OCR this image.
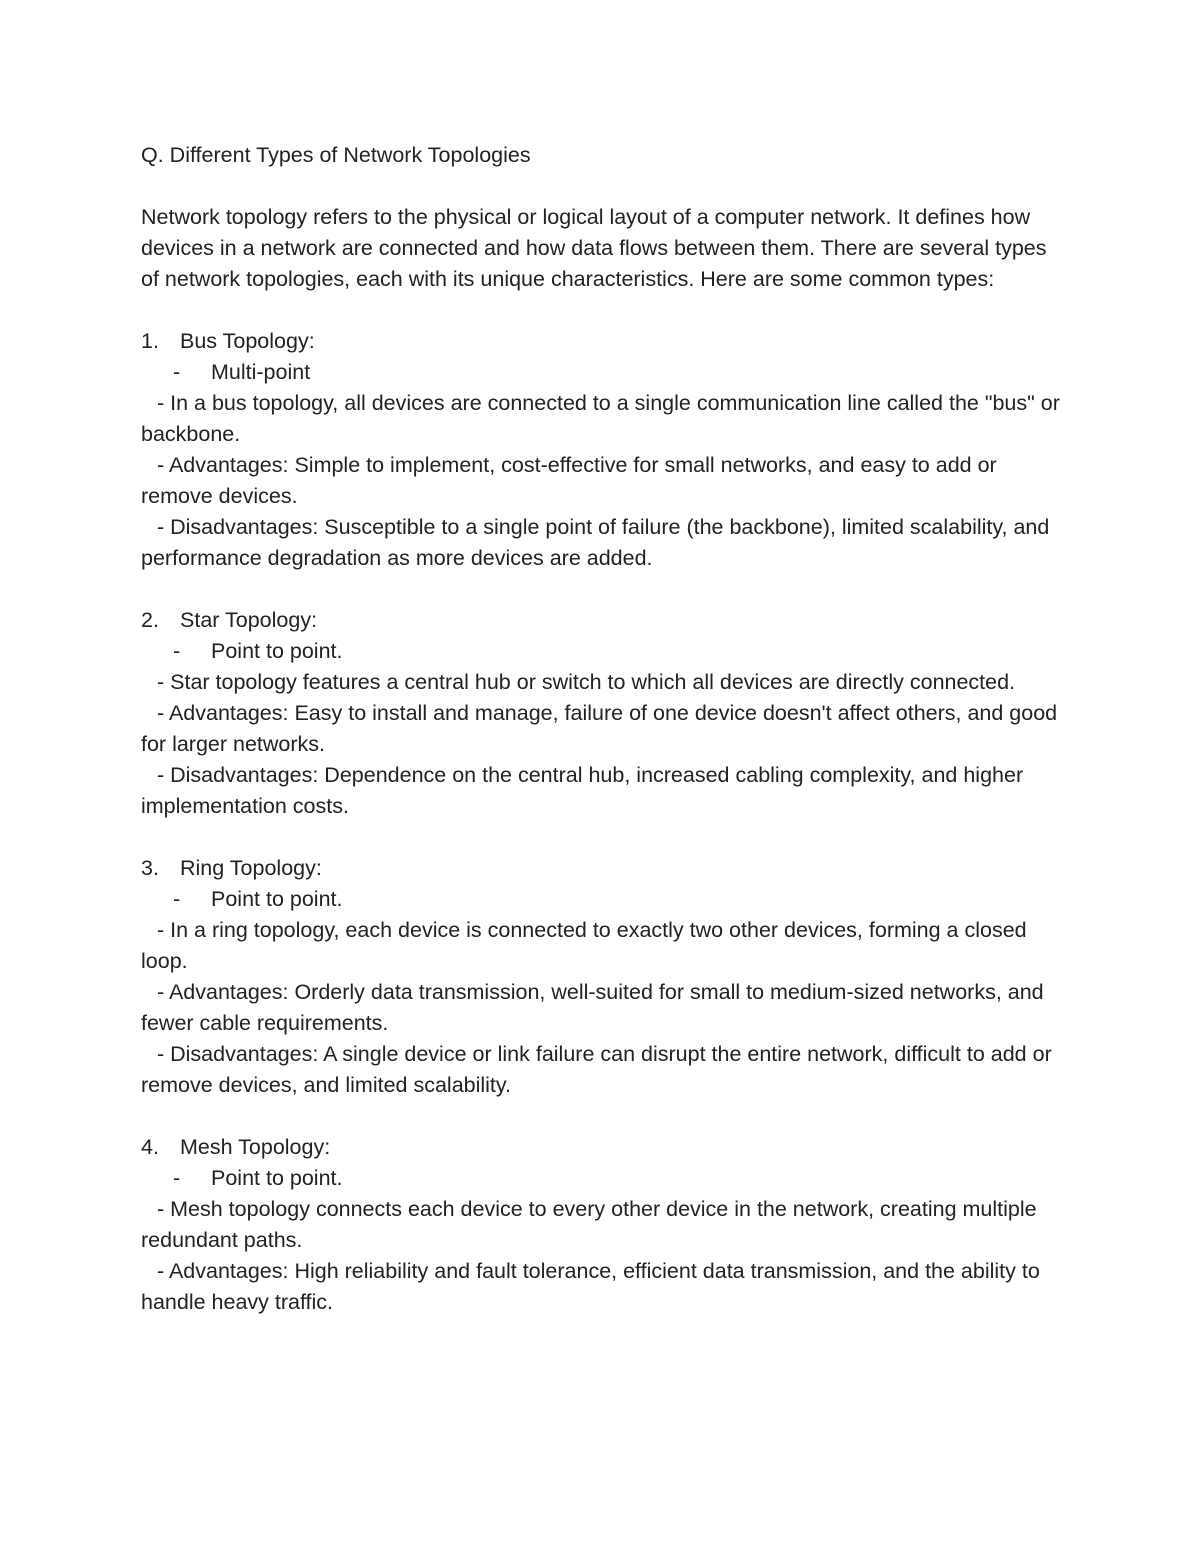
Q. Different Types of Network Topologies

Network topology refers to the physical or logical layout of a computer network. It defines how devices in a network are connected and how data flows between them. There are several types of network topologies, each with its unique characteristics. Here are some common types:

1. Bus Topology:
- Multi-point
- In a bus topology, all devices are connected to a single communication line called the "bus" or backbone.
- Advantages: Simple to implement, cost-effective for small networks, and easy to add or remove devices.
- Disadvantages: Susceptible to a single point of failure (the backbone), limited scalability, and performance degradation as more devices are added.
2. Star Topology:
- Point to point.
- Star topology features a central hub or switch to which all devices are directly connected.
- Advantages: Easy to install and manage, failure of one device doesn't affect others, and good for larger networks.
- Disadvantages: Dependence on the central hub, increased cabling complexity, and higher implementation costs.
3. Ring Topology:
- Point to point.
- In a ring topology, each device is connected to exactly two other devices, forming a closed loop.
- Advantages: Orderly data transmission, well-suited for small to medium-sized networks, and fewer cable requirements.
- Disadvantages: A single device or link failure can disrupt the entire network, difficult to add or remove devices, and limited scalability.
4. Mesh Topology:
- Point to point.
- Mesh topology connects each device to every other device in the network, creating multiple redundant paths.
- Advantages: High reliability and fault tolerance, efficient data transmission, and the ability to handle heavy traffic.
